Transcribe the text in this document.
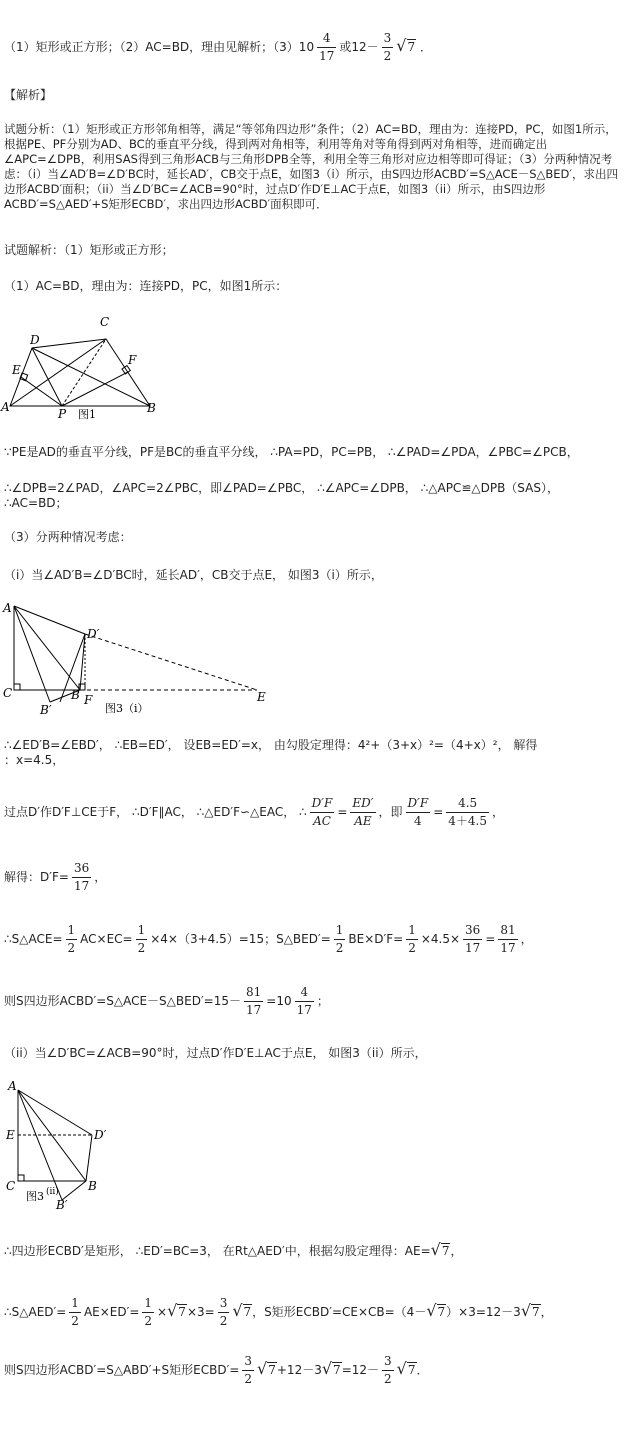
（1）矩形或正方形；（2）AC=BD，理由见解析；$(3)10 \frac{4}{17}$ 或$12- \frac{3}{2} √7$ ．
【解析】
试题分析：（1）矩形或正方形邻角相等，满足“等邻角四边形”条件；（2）AC=BD，理由为：连接PD，PC，如图1所示，根据PE、PF分别为AD、BC的垂直平分线，得到两对角相等，利用等角对等角得到两对角相等，进而确定出∠APC=∠DPB，利用SAS得到三角形ACB与三角形DPB全等，利用全等三角形对应边相等即可得证；（3）分两种情况考虑：（i）当∠AD′B=∠D′BC时，延长AD′，CB交于点E，如图3（i）所示，由S四边形ACBD′=S△ACE－S△BED′，求出四边形ACBD′面积；（ii）当∠D′BC=∠ACB=90°时，过点D′作D′E⊥AC于点E，如图3（ii）所示，由S四边形ACBD′=S△AED′+S矩形ECBD′，求出四边形ACBD′面积即可．
试题解析：（1）矩形或正方形；
（1）AC=BD，理由为：连接PD，PC，如图1所示：
A	B
C
D
E
F
P 图1
∵PE是AD的垂直平分线，PF是BC的垂直平分线， ∴PA=PD，PC=PB， ∴∠PAD=∠PDA，∠PBC=∠PCB，
∴∠DPB=2∠PAD，∠APC=2∠PBC，即∠PAD=∠PBC， ∴∠APC=∠DPB， ∴△APC≌△DPB（SAS），
∴AC=BD；
（3）分两种情况考虑：
（i）当∠AD′B=∠D′BC时，延长AD′，CB交于点E， 如图3（i）所示，
A
C	B
B′
D′
E
F
图3（i）
∴∠ED′B=∠EBD′， ∴EB=ED′， 设EB=ED′=x， 由勾股定理得：4²+（3+x）²=（4+x）²， 解得
：x=4.5，
过点D′作D′F⊥CE于F， ∴D′F∥AC， ∴△ED′F∽△EAC， ∴ $\frac{D'F}{AC} = \frac{ED'}{AE}$ ，即 $\frac{D'F}{4} = \frac{4.5}{4+4.5}$ ，
解得：$D'F= \frac{36}{17}$ ，
∴S△ACE= $\frac{1}{2} AC\times EC= \frac{1}{2} \times 4\times(3+4.5)=15$；S△BED′= $\frac{1}{2} BE\times D'F= \frac{1}{2} \times 4.5\times \frac{36}{17} = \frac{81}{17}$ ，
则S四边形ACBD′=S△ACE－S△BED′=15－ $\frac{81}{17} =10 \frac{4}{17}$ ；
（ii）当∠D′BC=∠ACB=90°时，过点D′作D′E⊥AC于点E， 如图3（ii）所示，
A
E
C
D′
B
B′
图3 (ii)
∴四边形ECBD′是矩形， ∴ED′=BC=3， 在Rt△AED′中，根据勾股定理得：AE=√7，
∴S△AED′= $\frac{1}{2} AE\times ED'= \frac{1}{2} \times√7\times 3= \frac{3}{2} √7$，S矩形ECBD′=CE×CB=（4－√7）×3=12－3√7，
则S四边形ACBD′=S△ABD′+S矩形ECBD′= $\frac{3}{2} √7+12-3√7=12- \frac{3}{2} √7$．
